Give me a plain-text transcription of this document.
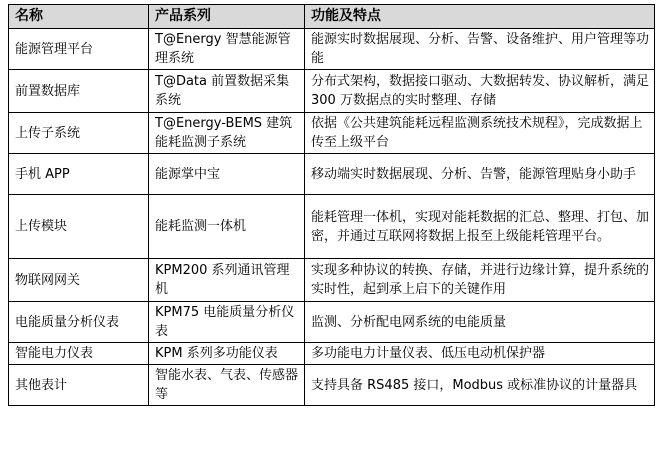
名称	产品系列	功能及特点
能源管理平台	T@Energy 智慧能源管理系统	能源实时数据展现、分析、告警、设备维护、用户管理等功能
前置数据库	T@Data 前置数据采集系统	分布式架构，数据接口驱动、大数据转发、协议解析，满足 300 万数据点的实时整理、存储
上传子系统	T@Energy-BEMS 建筑能耗监测子系统	依据《公共建筑能耗远程监测系统技术规程》，完成数据上传至上级平台
手机 APP	能源掌中宝	移动端实时数据展现、分析、告警，能源管理贴身小助手
上传模块	能耗监测一体机	能耗管理一体机，实现对能耗数据的汇总、整理、打包、加密，并通过互联网将数据上报至上级能耗管理平台。
物联网网关	KPM200 系列通讯管理机	实现多种协议的转换、存储，并进行边缘计算，提升系统的实时性，起到承上启下的关键作用
电能质量分析仪表	KPM75 电能质量分析仪表	监测、分析配电网系统的电能质量
智能电力仪表	KPM 系列多功能仪表	多功能电力计量仪表、低压电动机保护器
其他表计	智能水表、气表、传感器等	支持具备 RS485 接口，Modbus 或标准协议的计量器具
